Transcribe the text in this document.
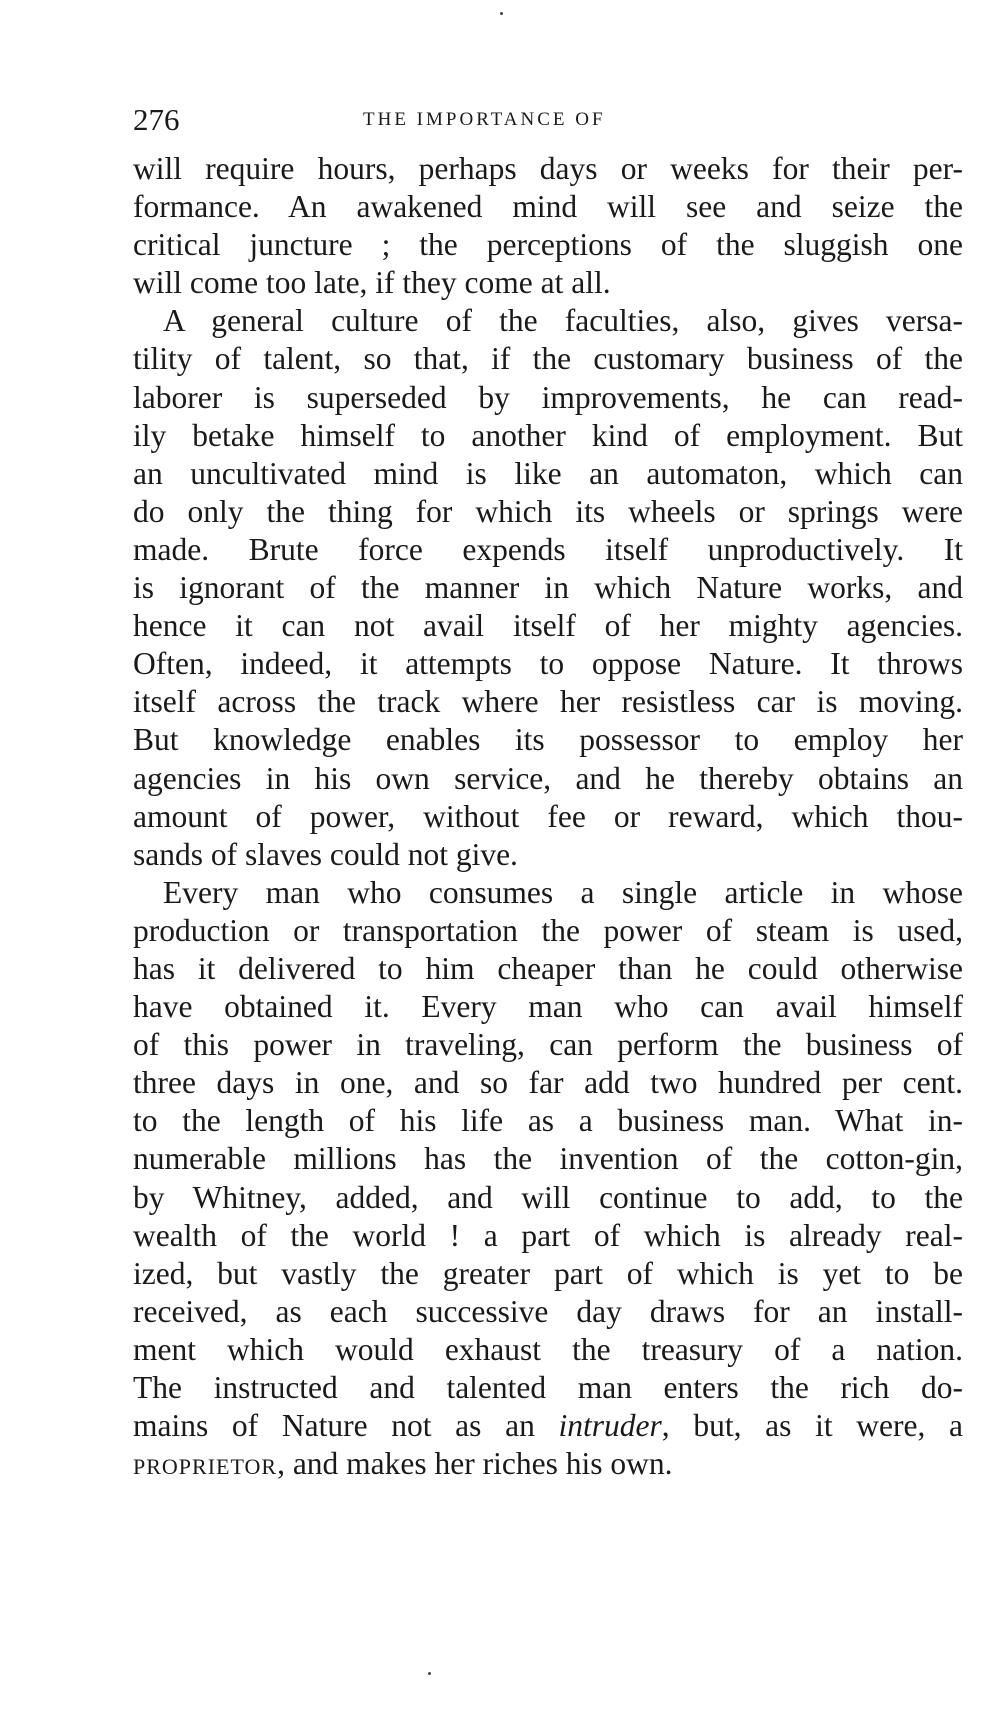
276	THE IMPORTANCE OF
will require hours, perhaps days or weeks for their per-
formance. An awakened mind will see and seize the
critical juncture ; the perceptions of the sluggish one
will come too late, if they come at all.
A general culture of the faculties, also, gives versa-
tility of talent, so that, if the customary business of the
laborer is superseded by improvements, he can read-
ily betake himself to another kind of employment. But
an uncultivated mind is like an automaton, which can
do only the thing for which its wheels or springs were
made. Brute force expends itself unproductively. It
is ignorant of the manner in which Nature works, and
hence it can not avail itself of her mighty agencies.
Often, indeed, it attempts to oppose Nature. It throws
itself across the track where her resistless car is moving.
But knowledge enables its possessor to employ her
agencies in his own service, and he thereby obtains an
amount of power, without fee or reward, which thou-
sands of slaves could not give.
Every man who consumes a single article in whose
production or transportation the power of steam is used,
has it delivered to him cheaper than he could otherwise
have obtained it. Every man who can avail himself
of this power in traveling, can perform the business of
three days in one, and so far add two hundred per cent.
to the length of his life as a business man. What in-
numerable millions has the invention of the cotton-gin,
by Whitney, added, and will continue to add, to the
wealth of the world ! a part of which is already real-
ized, but vastly the greater part of which is yet to be
received, as each successive day draws for an install-
ment which would exhaust the treasury of a nation.
The instructed and talented man enters the rich do-
mains of Nature not as an intruder, but, as it were, a
proprietor, and makes her riches his own.
